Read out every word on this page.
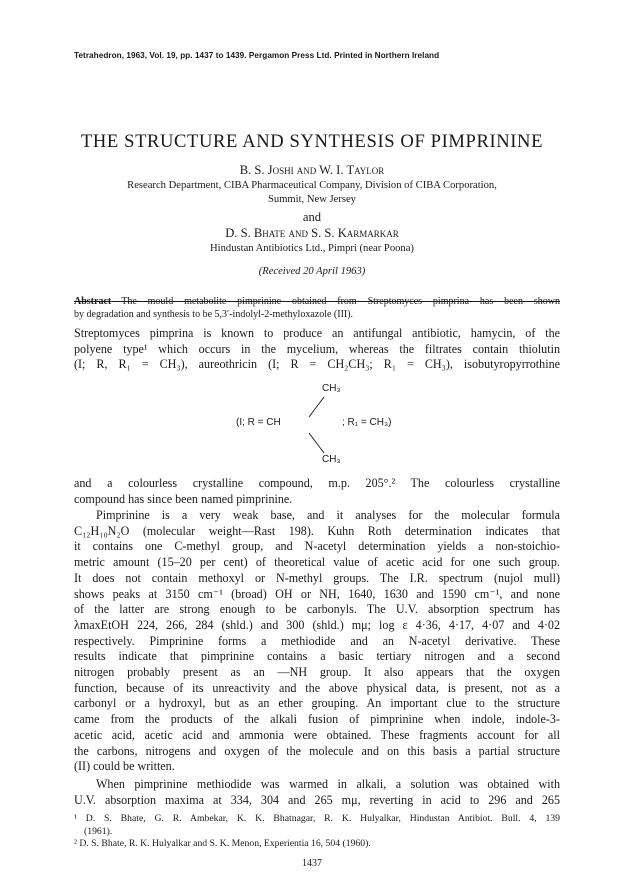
Tetrahedron, 1963, Vol. 19, pp. 1437 to 1439. Pergamon Press Ltd. Printed in Northern Ireland
THE STRUCTURE AND SYNTHESIS OF PIMPRININE
B. S. Joshi and W. I. Taylor
Research Department, CIBA Pharmaceutical Company, Division of CIBA Corporation,
Summit, New Jersey
and
D. S. Bhate and S. S. Karmarkar
Hindustan Antibiotics Ltd., Pimpri (near Poona)
(Received 20 April 1963)
Abstract—The mould metabolite pimprinine obtained from Streptomyces pimprina has been shown
by degradation and synthesis to be 5,3′-indolyl-2-methyloxazole (III).
Streptomyces pimprina is known to produce an antifungal antibiotic, hamycin, of the
polyene type¹ which occurs in the mycelium, whereas the filtrates contain thiolutin
(I; R, R₁ = CH₃), aureothricin (I; R = CH₂CH₃; R₁ = CH₃), isobutyropyrrothine
CH₃
(I; R = CH	; R₁ = CH₃)
CH₃
and a colourless crystalline compound, m.p. 205°.² The colourless crystalline
compound has since been named pimprinine.
Pimprinine is a very weak base, and it analyses for the molecular formula
C₁₂H₁₀N₂O (molecular weight—Rast 198). Kuhn Roth determination indicates that
it contains one C-methyl group, and N-acetyl determination yields a non-stoichio-
metric amount (15–20 per cent) of theoretical value of acetic acid for one such group.
It does not contain methoxyl or N-methyl groups. The I.R. spectrum (nujol mull)
shows peaks at 3150 cm⁻¹ (broad) OH or NH, 1640, 1630 and 1590 cm⁻¹, and none
of the latter are strong enough to be carbonyls. The U.V. absorption spectrum has
λmaxEtOH 224, 266, 284 (shld.) and 300 (shld.) mμ; log ε 4·36, 4·17, 4·07 and 4·02
respectively. Pimprinine forms a methiodide and an N-acetyl derivative. These
results indicate that pimprinine contains a basic tertiary nitrogen and a second
nitrogen probably present as an —NH group. It also appears that the oxygen
function, because of its unreactivity and the above physical data, is present, not as a
carbonyl or a hydroxyl, but as an ether grouping. An important clue to the structure
came from the products of the alkali fusion of pimprinine when indole, indole-3-
acetic acid, acetic acid and ammonia were obtained. These fragments account for all
the carbons, nitrogens and oxygen of the molecule and on this basis a partial structure
(II) could be written.
When pimprinine methiodide was warmed in alkali, a solution was obtained with
U.V. absorption maxima at 334, 304 and 265 mμ, reverting in acid to 296 and 265
¹ D. S. Bhate, G. R. Ambekar, K. K. Bhatnagar, R. K. Hulyalkar, Hindustan Antibiot. Bull. 4, 139
(1961).
² D. S. Bhate, R. K. Hulyalkar and S. K. Menon, Experientia 16, 504 (1960).
1437
